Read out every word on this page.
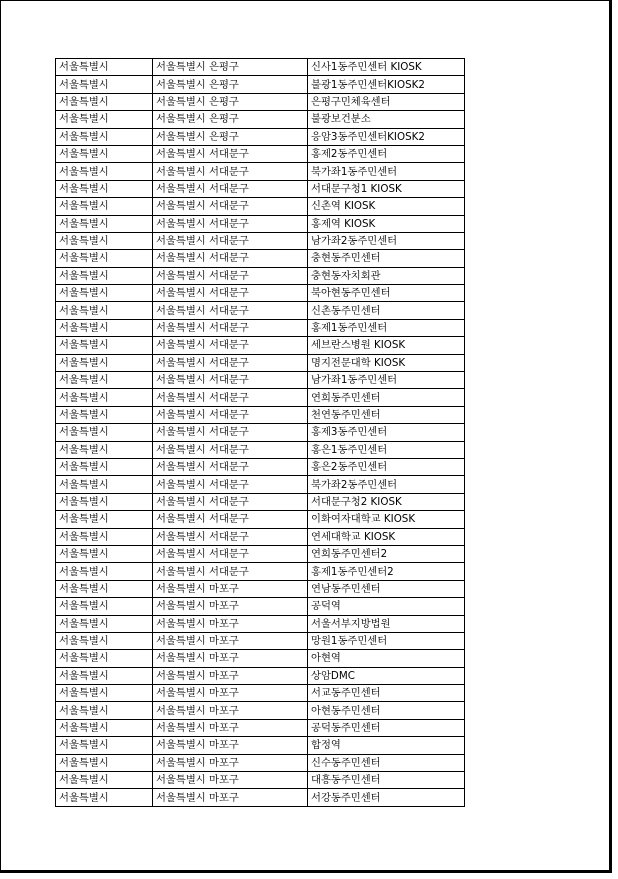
서울특별시	서울특별시 은평구	신사1동주민센터 KIOSK
서울특별시	서울특별시 은평구	불광1동주민센터KIOSK2
서울특별시	서울특별시 은평구	은평구민체육센터
서울특별시	서울특별시 은평구	불광보건분소
서울특별시	서울특별시 은평구	응암3동주민센터KIOSK2
서울특별시	서울특별시 서대문구	홍제2동주민센터
서울특별시	서울특별시 서대문구	북가좌1동주민센터
서울특별시	서울특별시 서대문구	서대문구청1 KIOSK
서울특별시	서울특별시 서대문구	신촌역 KIOSK
서울특별시	서울특별시 서대문구	홍제역 KIOSK
서울특별시	서울특별시 서대문구	남가좌2동주민센터
서울특별시	서울특별시 서대문구	충현동주민센터
서울특별시	서울특별시 서대문구	충현동자치회관
서울특별시	서울특별시 서대문구	북아현동주민센터
서울특별시	서울특별시 서대문구	신촌동주민센터
서울특별시	서울특별시 서대문구	홍제1동주민센터
서울특별시	서울특별시 서대문구	세브란스병원 KIOSK
서울특별시	서울특별시 서대문구	명지전문대학 KIOSK
서울특별시	서울특별시 서대문구	남가좌1동주민센터
서울특별시	서울특별시 서대문구	연희동주민센터
서울특별시	서울특별시 서대문구	천연동주민센터
서울특별시	서울특별시 서대문구	홍제3동주민센터
서울특별시	서울특별시 서대문구	홍은1동주민센터
서울특별시	서울특별시 서대문구	홍은2동주민센터
서울특별시	서울특별시 서대문구	북가좌2동주민센터
서울특별시	서울특별시 서대문구	서대문구청2 KIOSK
서울특별시	서울특별시 서대문구	이화여자대학교 KIOSK
서울특별시	서울특별시 서대문구	연세대학교 KIOSK
서울특별시	서울특별시 서대문구	연희동주민센터2
서울특별시	서울특별시 서대문구	홍제1동주민센터2
서울특별시	서울특별시 마포구	연남동주민센터
서울특별시	서울특별시 마포구	공덕역
서울특별시	서울특별시 마포구	서울서부지방법원
서울특별시	서울특별시 마포구	망원1동주민센터
서울특별시	서울특별시 마포구	아현역
서울특별시	서울특별시 마포구	상암DMC
서울특별시	서울특별시 마포구	서교동주민센터
서울특별시	서울특별시 마포구	아현동주민센터
서울특별시	서울특별시 마포구	공덕동주민센터
서울특별시	서울특별시 마포구	합정역
서울특별시	서울특별시 마포구	신수동주민센터
서울특별시	서울특별시 마포구	대흥동주민센터
서울특별시	서울특별시 마포구	서강동주민센터
